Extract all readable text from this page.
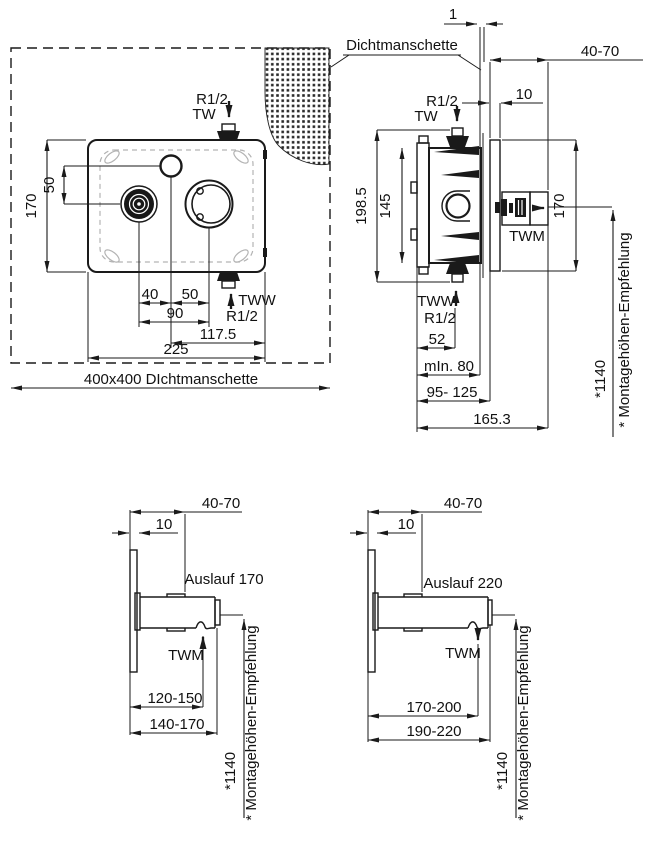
R1/2
TW
TWW
R1/2
170
50
40 50
90
117.5
225
400x400 DIchtmanschette
Dichtmanschette
1
40-70
10
R1/2
TW
TWW
R1/2
198.5 145
TWM
170
*1140 * Montagehöhen-Empfehlung
52
mIn. 80
95- 125
165.3
40-70
10
Auslauf 170
TWM
120-150
140-170
*1140 * Montagehöhen-Empfehlung
40-70
10
Auslauf 220
TWM
170-200
190-220
*1140 * Montagehöhen-Empfehlung
